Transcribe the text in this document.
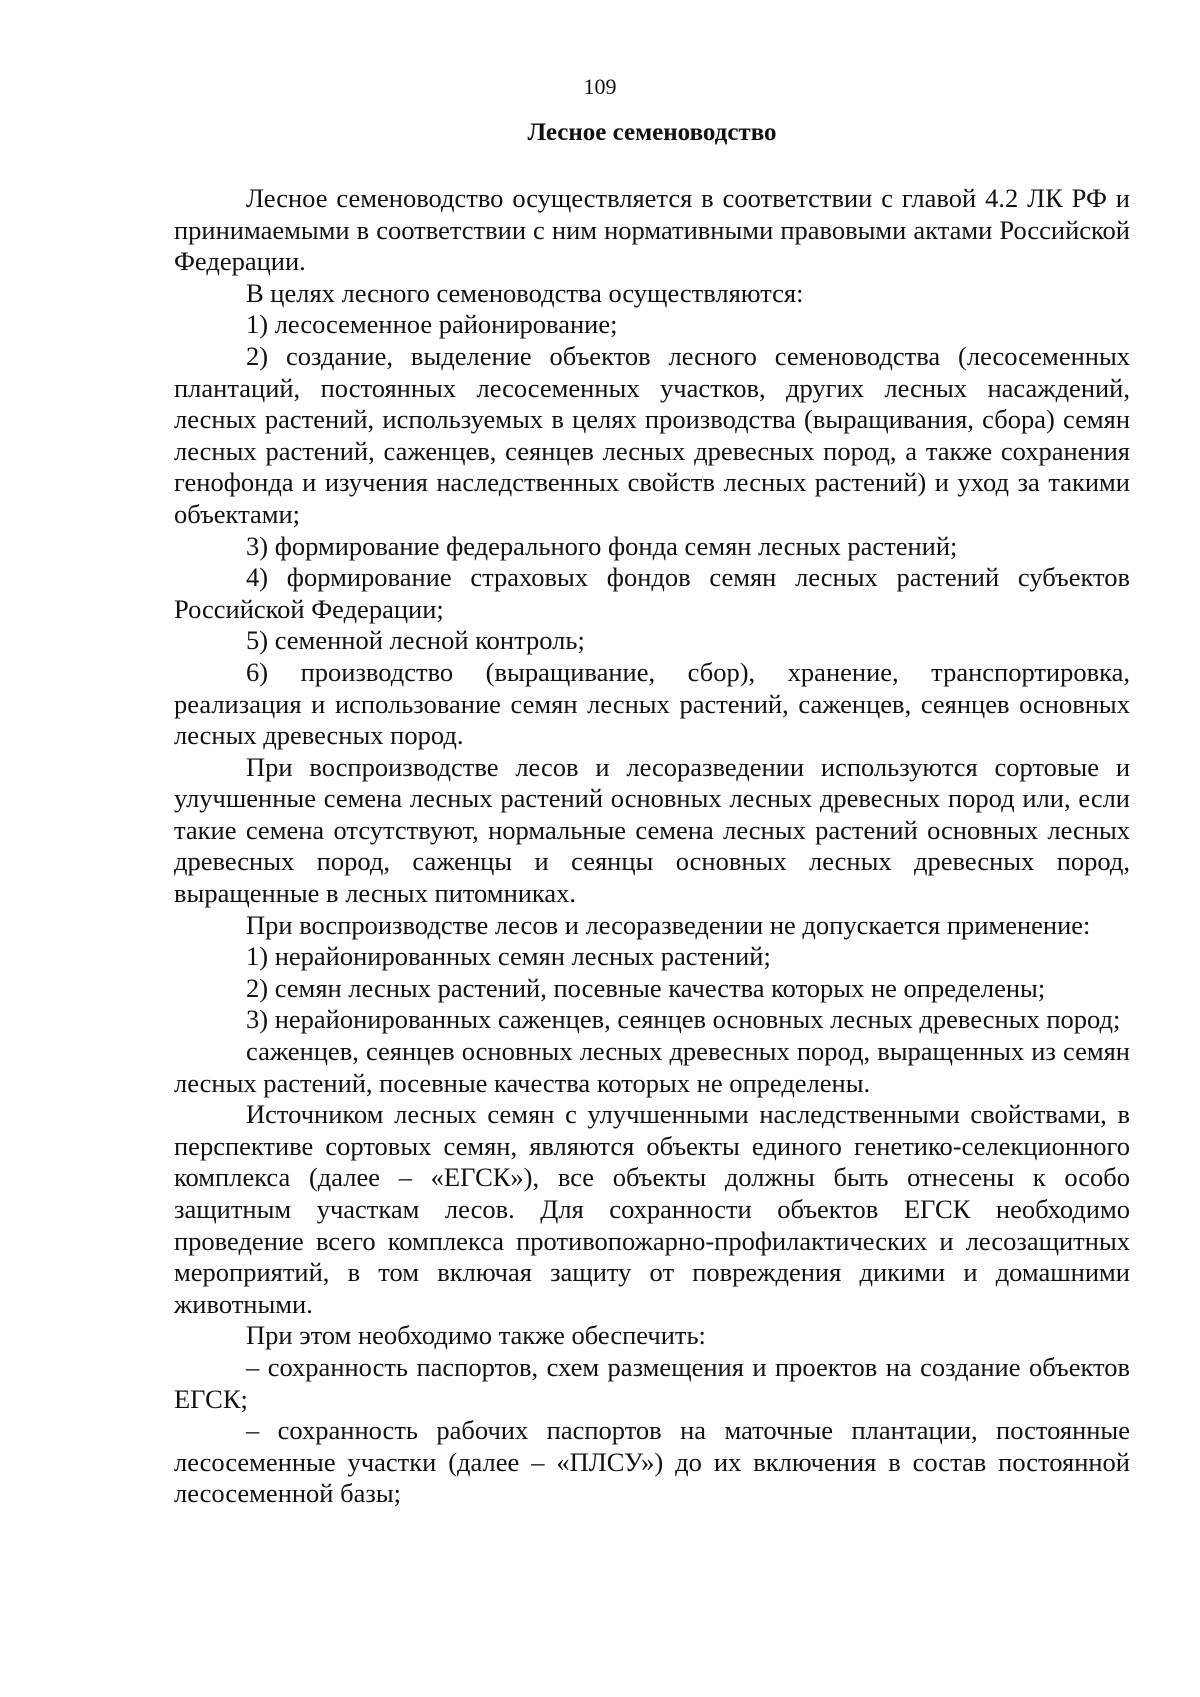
109
Лесное семеноводство

Лесное семеноводство осуществляется в соответствии с главой 4.2 ЛК РФ и принимаемыми в соответствии с ним нормативными правовыми актами Российской Федерации.

В целях лесного семеноводства осуществляются:

1) лесосеменное районирование;

2) создание, выделение объектов лесного семеноводства (лесосеменных плантаций, постоянных лесосеменных участков, других лесных насаждений, лесных растений, используемых в целях производства (выращивания, сбора) семян лесных растений, саженцев, сеянцев лесных древесных пород, а также сохранения генофонда и изучения наследственных свойств лесных растений) и уход за такими объектами;

3) формирование федерального фонда семян лесных растений;

4) формирование страховых фондов семян лесных растений субъектов Российской Федерации;

5) семенной лесной контроль;

6) производство (выращивание, сбор), хранение, транспортировка, реализация и использование семян лесных растений, саженцев, сеянцев основных лесных древесных пород.

При воспроизводстве лесов и лесоразведении используются сортовые и улучшенные семена лесных растений основных лесных древесных пород или, если такие семена отсутствуют, нормальные семена лесных растений основных лесных древесных пород, саженцы и сеянцы основных лесных древесных пород, выращенные в лесных питомниках.

При воспроизводстве лесов и лесоразведении не допускается применение:

1) нерайонированных семян лесных растений;

2) семян лесных растений, посевные качества которых не определены;

3) нерайонированных саженцев, сеянцев основных лесных древесных пород;

саженцев, сеянцев основных лесных древесных пород, выращенных из семян лесных растений, посевные качества которых не определены.

Источником лесных семян с улучшенными наследственными свойствами, в перспективе сортовых семян, являются объекты единого генетико-селекционного комплекса (далее – «ЕГСК»), все объекты должны быть отнесены к особо защитным участкам лесов. Для сохранности объектов ЕГСК необходимо проведение всего комплекса противопожарно-профилактических и лесозащитных мероприятий, в том включая защиту от повреждения дикими и домашними животными.

При этом необходимо также обеспечить:

– сохранность паспортов, схем размещения и проектов на создание объектов ЕГСК;

– сохранность рабочих паспортов на маточные плантации, постоянные лесосеменные участки (далее – «ПЛСУ») до их включения в состав постоянной лесосеменной базы;
